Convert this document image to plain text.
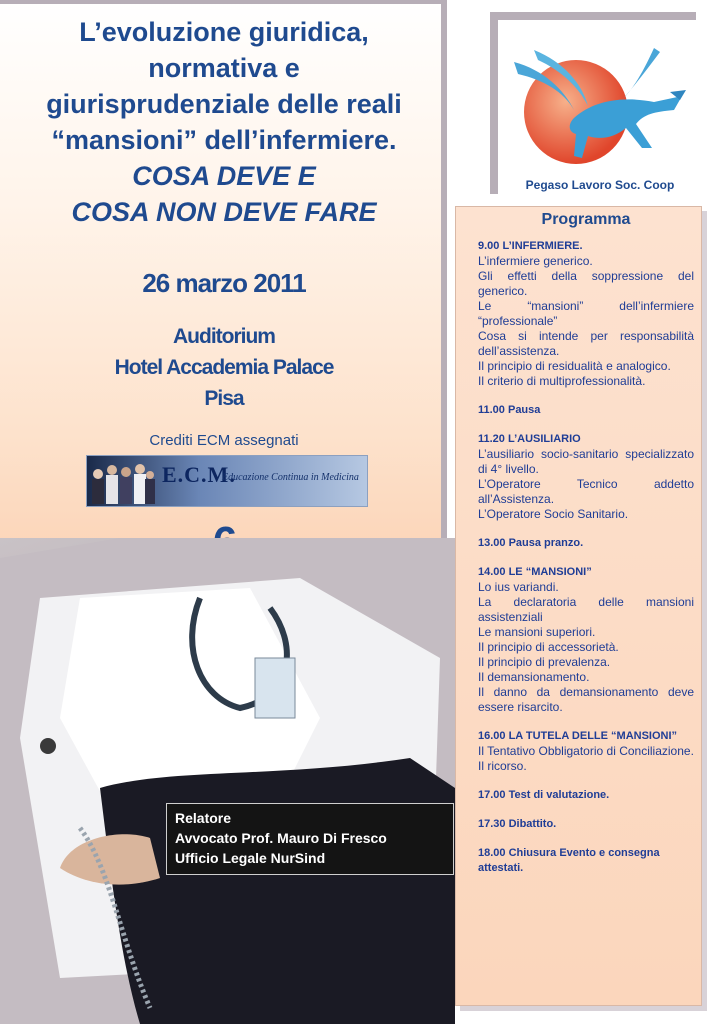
L’evoluzione giuridica,
normativa e
giurisprudenziale delle reali
“mansioni” dell’infermiere.
COSA DEVE E
COSA NON DEVE FARE
26 marzo 2011
Auditorium
Hotel Accademia Palace
Pisa
Crediti ECM assegnati
E.C.M.
Educazione Continua in Medicina
Pegaso Lavoro Soc. Coop
Programma
9.00 L’INFERMIERE.
L’infermiere generico.
Gli effetti della soppressione del generico.
Le “mansioni” dell’infermiere “professionale”
Cosa si intende per responsabilità dell’assistenza.
Il principio di residualità e analogico.
Il criterio di multiprofessionalità.
11.00 Pausa
11.20 L’AUSILIARIO
L’ausiliario socio-sanitario specializzato di 4° livello.
L’Operatore Tecnico addetto all’Assistenza.
L’Operatore Socio Sanitario.
13.00 Pausa pranzo.
14.00 LE “MANSIONI”
Lo ius variandi.
La declaratoria delle mansioni assistenziali
Le mansioni superiori.
Il principio di accessorietà.
Il principio di prevalenza.
Il demansionamento.
Il danno da demansionamento deve essere risarcito.
16.00 LA TUTELA DELLE “MANSIONI”
Il Tentativo Obbligatorio di Conciliazione.
Il ricorso.
17.00 Test di valutazione.
17.30 Dibattito.
18.00 Chiusura Evento e consegna attestati.
Relatore
Avvocato Prof. Mauro Di Fresco
Ufficio Legale NurSind
